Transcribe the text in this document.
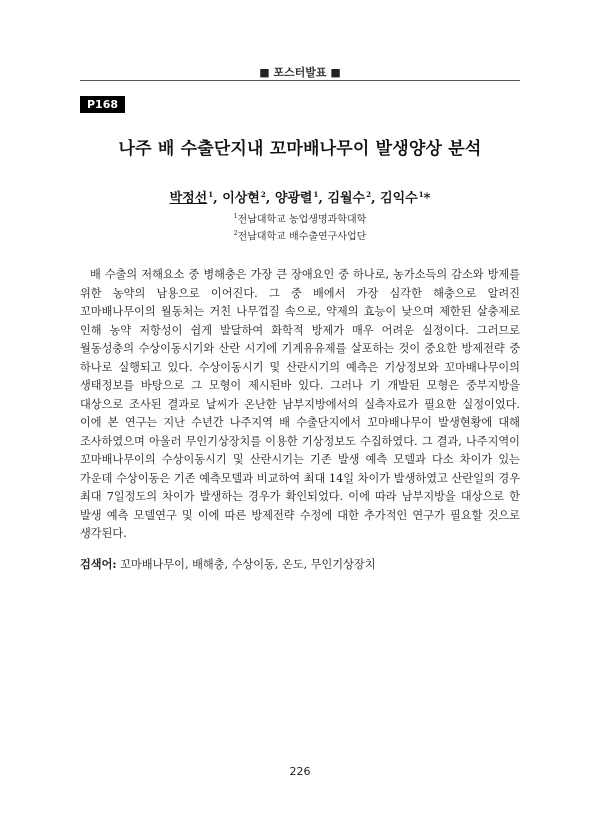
■ 포스터발표 ■
P168
나주 배 수출단지내 꼬마배나무이 발생양상 분석
박정선$^1$, 이상현$^2$, 양광렬$^1$, 김월수$^2$, 김익수$^1$*
$^1$전남대학교 농업생명과학대학
$^2$전남대학교 배수출연구사업단

배 수출의 저해요소 중 병해충은 가장 큰 장애요인 중 하나로, 농가소득의 감소와 방제를 위한 농약의 남용으로 이어진다. 그 중 배에서 가장 심각한 해충으로 알려진 꼬마배나무이의 월동처는 거친 나무껍질 속으로, 약제의 효능이 낮으며 제한된 살충제로 인해 농약 저항성이 쉽게 발달하여 화학적 방제가 매우 어려운 실정이다. 그러므로 월동성충의 수상이동시기와 산란 시기에 기계유유제를 살포하는 것이 중요한 방제전략 중 하나로 실행되고 있다. 수상이동시기 및 산란시기의 예측은 기상정보와 꼬마배나무이의 생태정보를 바탕으로 그 모형이 제시된바 있다. 그러나 기 개발된 모형은 중부지방을 대상으로 조사된 결과로 날씨가 온난한 남부지방에서의 실측자료가 필요한 실정이었다. 이에 본 연구는 지난 수년간 나주지역 배 수출단지에서 꼬마배나무이 발생현황에 대해 조사하였으며 아울러 무인기상장치를 이용한 기상정보도 수집하였다. 그 결과, 나주지역이 꼬마배나무이의 수상이동시기 및 산란시기는 기존 발생 예측 모델과 다소 차이가 있는 가운데 수상이동은 기존 예측모델과 비교하여 최대 14일 차이가 발생하였고 산란일의 경우 최대 7일정도의 차이가 발생하는 경우가 확인되었다. 이에 따라 남부지방을 대상으로 한 발생 예측 모델연구 및 이에 따른 방제전략 수정에 대한 추가적인 연구가 필요할 것으로 생각된다.

검색어: 꼬마배나무이, 배해충, 수상이동, 온도, 무인기상장치
226
